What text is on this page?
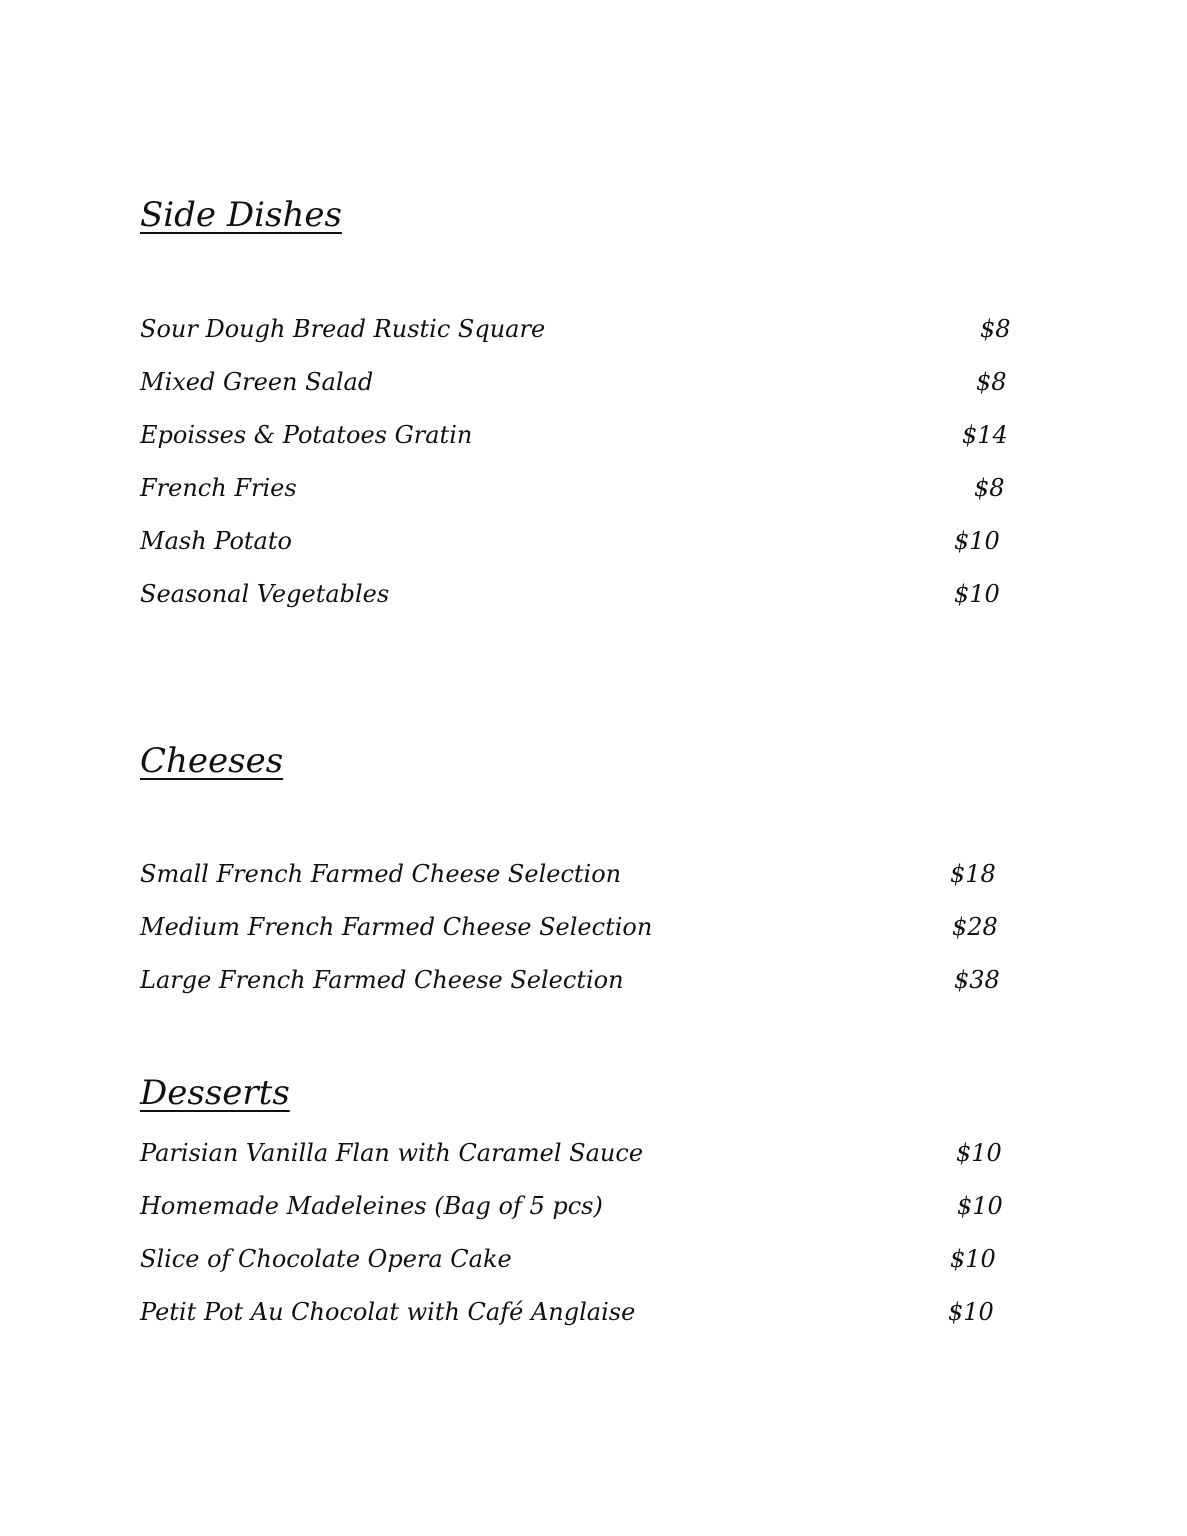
Side Dishes
Sour Dough Bread Rustic Square	$8
Mixed Green Salad	$8
Epoisses & Potatoes Gratin	$14
French Fries	$8
Mash Potato	$10
Seasonal Vegetables	$10
Cheeses
Small French Farmed Cheese Selection	$18
Medium French Farmed Cheese Selection	$28
Large French Farmed Cheese Selection	$38
Desserts
Parisian Vanilla Flan with Caramel Sauce	$10
Homemade Madeleines (Bag of 5 pcs)	$10
Slice of Chocolate Opera Cake	$10
Petit Pot Au Chocolat with Café Anglaise	$10
